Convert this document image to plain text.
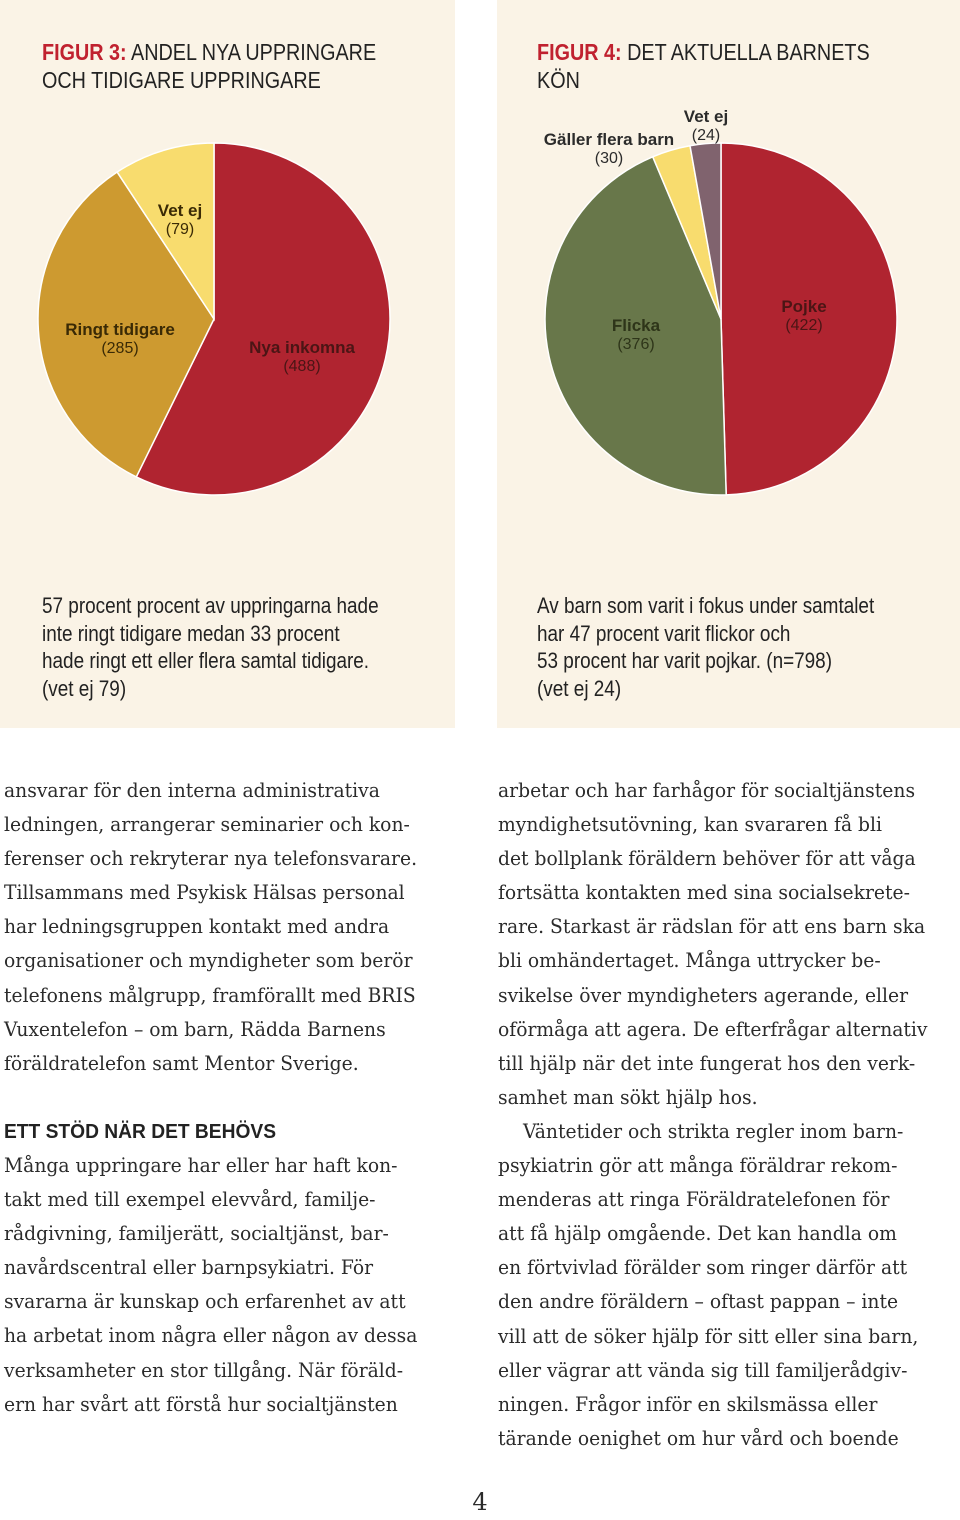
FIGUR 3: ANDEL NYA UPPRINGARE
OCH TIDIGARE UPPRINGARE
Vet ej
(79)
Ringt tidigare
(285)	Nya inkomna
(488)
57 procent procent av uppringarna hade
inte ringt tidigare medan 33 procent
hade ringt ett eller flera samtal tidigare.
(vet ej 79)
FIGUR 4: DET AKTUELLA BARNETS
KÖN
Gäller flera barn
(30)
Vet ej
(24)
Flicka
(376)
Pojke
(422)
Av barn som varit i fokus under samtalet
har 47 procent varit flickor och
53 procent har varit pojkar. (n=798)
(vet ej 24)
ansvarar för den interna administrativa
ledningen, arrangerar seminarier och kon-
ferenser och rekryterar nya telefonsvarare.
Tillsammans med Psykisk Hälsas personal
har ledningsgruppen kontakt med andra
organisationer och myndigheter som berör
telefonens målgrupp, framförallt med BRIS
Vuxentelefon – om barn, Rädda Barnens
föräldratelefon samt Mentor Sverige.
ETT STÖD NÄR DET BEHÖVS
Många uppringare har eller har haft kon-
takt med till exempel elevvård, familje-
rådgivning, familjerätt, socialtjänst, bar-
navårdscentral eller barnpsykiatri. För
svararna är kunskap och erfarenhet av att
ha arbetat inom några eller någon av dessa
verksamheter en stor tillgång. När föräld-
ern har svårt att förstå hur socialtjänsten
arbetar och har farhågor för socialtjänstens
myndighetsutövning, kan svararen få bli
det bollplank föräldern behöver för att våga
fortsätta kontakten med sina socialsekrete-
rare. Starkast är rädslan för att ens barn ska
bli omhändertaget. Många uttrycker be-
svikelse över myndigheters agerande, eller
oförmåga att agera. De efterfrågar alternativ
till hjälp när det inte fungerat hos den verk-
samhet man sökt hjälp hos.
Väntetider och strikta regler inom barn-
psykiatrin gör att många föräldrar rekom-
menderas att ringa Föräldratelefonen för
att få hjälp omgående. Det kan handla om
en förtvivlad förälder som ringer därför att
den andre föräldern – oftast pappan – inte
vill att de söker hjälp för sitt eller sina barn,
eller vägrar att vända sig till familjerådgiv-
ningen. Frågor inför en skilsmässa eller
tärande oenighet om hur vård och boende
4
